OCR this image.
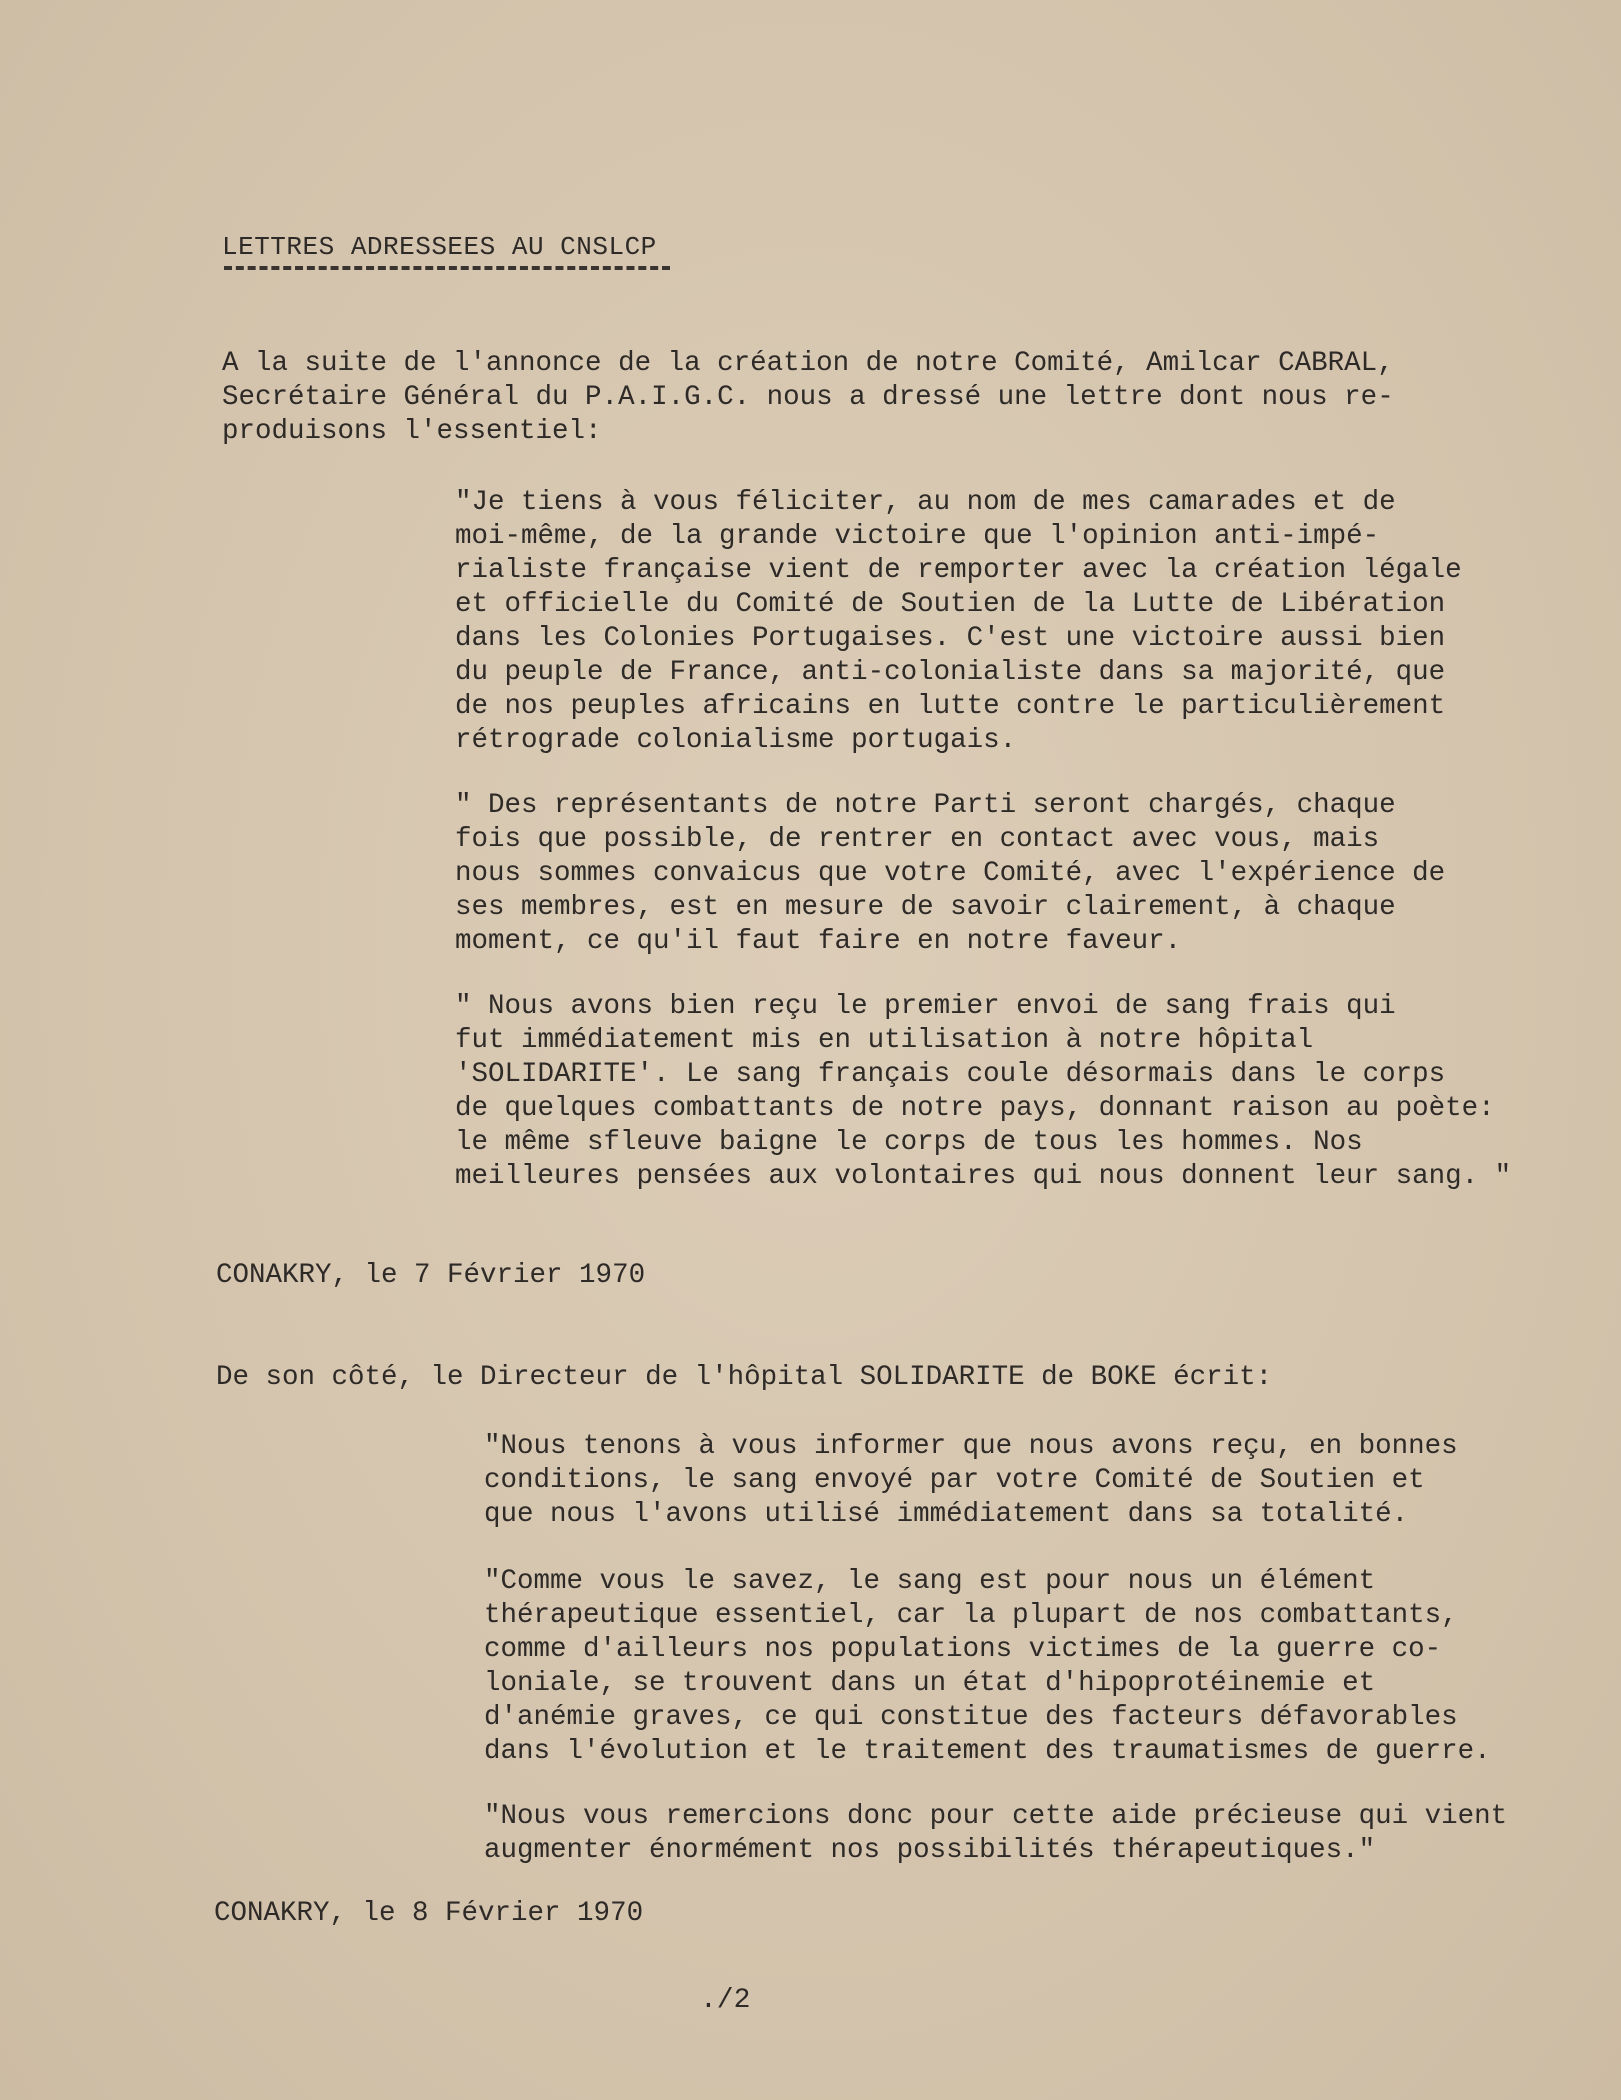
LETTRES ADRESSEES AU CNSLCP

A la suite de l'annonce de la création de notre Comité, Amilcar CABRAL,
Secrétaire Général du P.A.I.G.C. nous a dressé une lettre dont nous re-
produisons l'essentiel:

"Je tiens à vous féliciter, au nom de mes camarades et de
moi-même, de la grande victoire que l'opinion anti-impé-
rialiste française vient de remporter avec la création légale
et officielle du Comité de Soutien de la Lutte de Libération
dans les Colonies Portugaises. C'est une victoire aussi bien
du peuple de France, anti-colonialiste dans sa majorité, que
de nos peuples africains en lutte contre le particulièrement
rétrograde colonialisme portugais.

" Des représentants de notre Parti seront chargés, chaque
fois que possible, de rentrer en contact avec vous, mais
nous sommes convaicus que votre Comité, avec l'expérience de
ses membres, est en mesure de savoir clairement, à chaque
moment, ce qu'il faut faire en notre faveur.

" Nous avons bien reçu le premier envoi de sang frais qui
fut immédiatement mis en utilisation à notre hôpital
'SOLIDARITE'. Le sang français coule désormais dans le corps
de quelques combattants de notre pays, donnant raison au poète:
le même sfleuve baigne le corps de tous les hommes. Nos
meilleures pensées aux volontaires qui nous donnent leur sang. "

CONAKRY, le 7 Février 1970
De son côté, le Directeur de l'hôpital SOLIDARITE de BOKE écrit:

"Nous tenons à vous informer que nous avons reçu, en bonnes
conditions, le sang envoyé par votre Comité de Soutien et
que nous l'avons utilisé immédiatement dans sa totalité.

"Comme vous le savez, le sang est pour nous un élément
thérapeutique essentiel, car la plupart de nos combattants,
comme d'ailleurs nos populations victimes de la guerre co-
loniale, se trouvent dans un état d'hipoprotéinemie et
d'anémie graves, ce qui constitue des facteurs défavorables
dans l'évolution et le traitement des traumatismes de guerre.

"Nous vous remercions donc pour cette aide précieuse qui vient
augmenter énormément nos possibilités thérapeutiques."

CONAKRY, le 8 Février 1970
./2
